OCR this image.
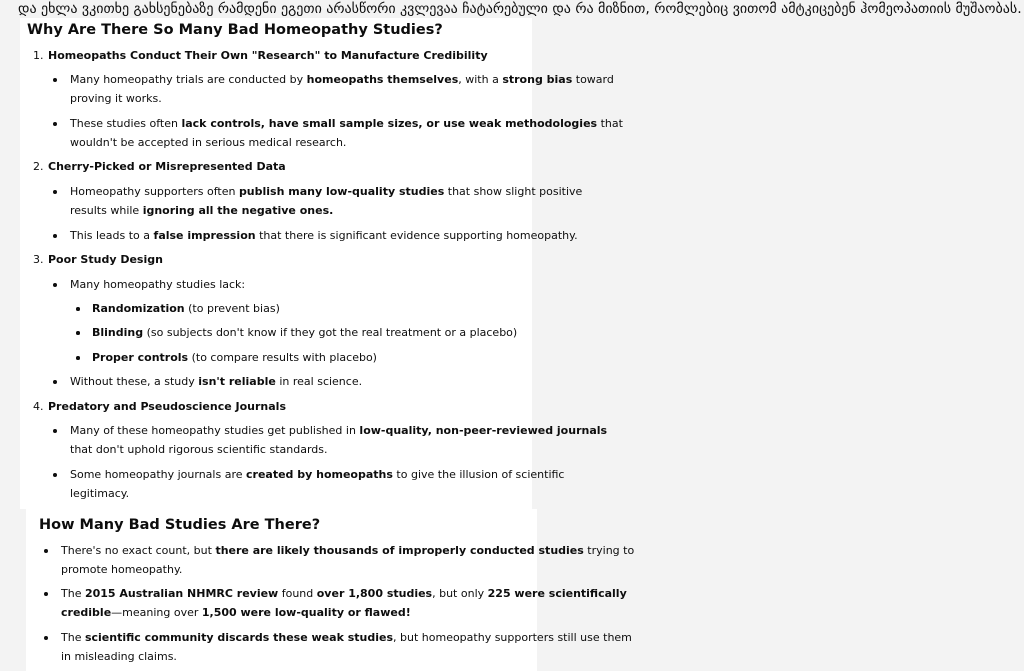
და ეხლა ვკითხე გახსენებაზე რამდენი ეგეთი არასწორი კვლევაა ჩატარებული და რა მიზნით, რომლებიც ვითომ ამტკიცებენ ჰომეოპათიის მუშაობას.
Why Are There So Many Bad Homeopathy Studies?
1. Homeopaths Conduct Their Own "Research" to Manufacture Credibility
Many homeopathy trials are conducted by homeopaths themselves, with a strong bias toward
proving it works.
These studies often lack controls, have small sample sizes, or use weak methodologies that
wouldn't be accepted in serious medical research.
2. Cherry-Picked or Misrepresented Data
Homeopathy supporters often publish many low-quality studies that show slight positive
results while ignoring all the negative ones.
This leads to a false impression that there is significant evidence supporting homeopathy.
3. Poor Study Design
Many homeopathy studies lack:
Randomization (to prevent bias)
Blinding (so subjects don't know if they got the real treatment or a placebo)
Proper controls (to compare results with placebo)
Without these, a study isn't reliable in real science.
4. Predatory and Pseudoscience Journals
Many of these homeopathy studies get published in low-quality, non-peer-reviewed journals
that don't uphold rigorous scientific standards.
Some homeopathy journals are created by homeopaths to give the illusion of scientific
legitimacy.
How Many Bad Studies Are There?
There's no exact count, but there are likely thousands of improperly conducted studies trying to
promote homeopathy.
The 2015 Australian NHMRC review found over 1,800 studies, but only 225 were scientifically
credible—meaning over 1,500 were low-quality or flawed!
The scientific community discards these weak studies, but homeopathy supporters still use them
in misleading claims.
